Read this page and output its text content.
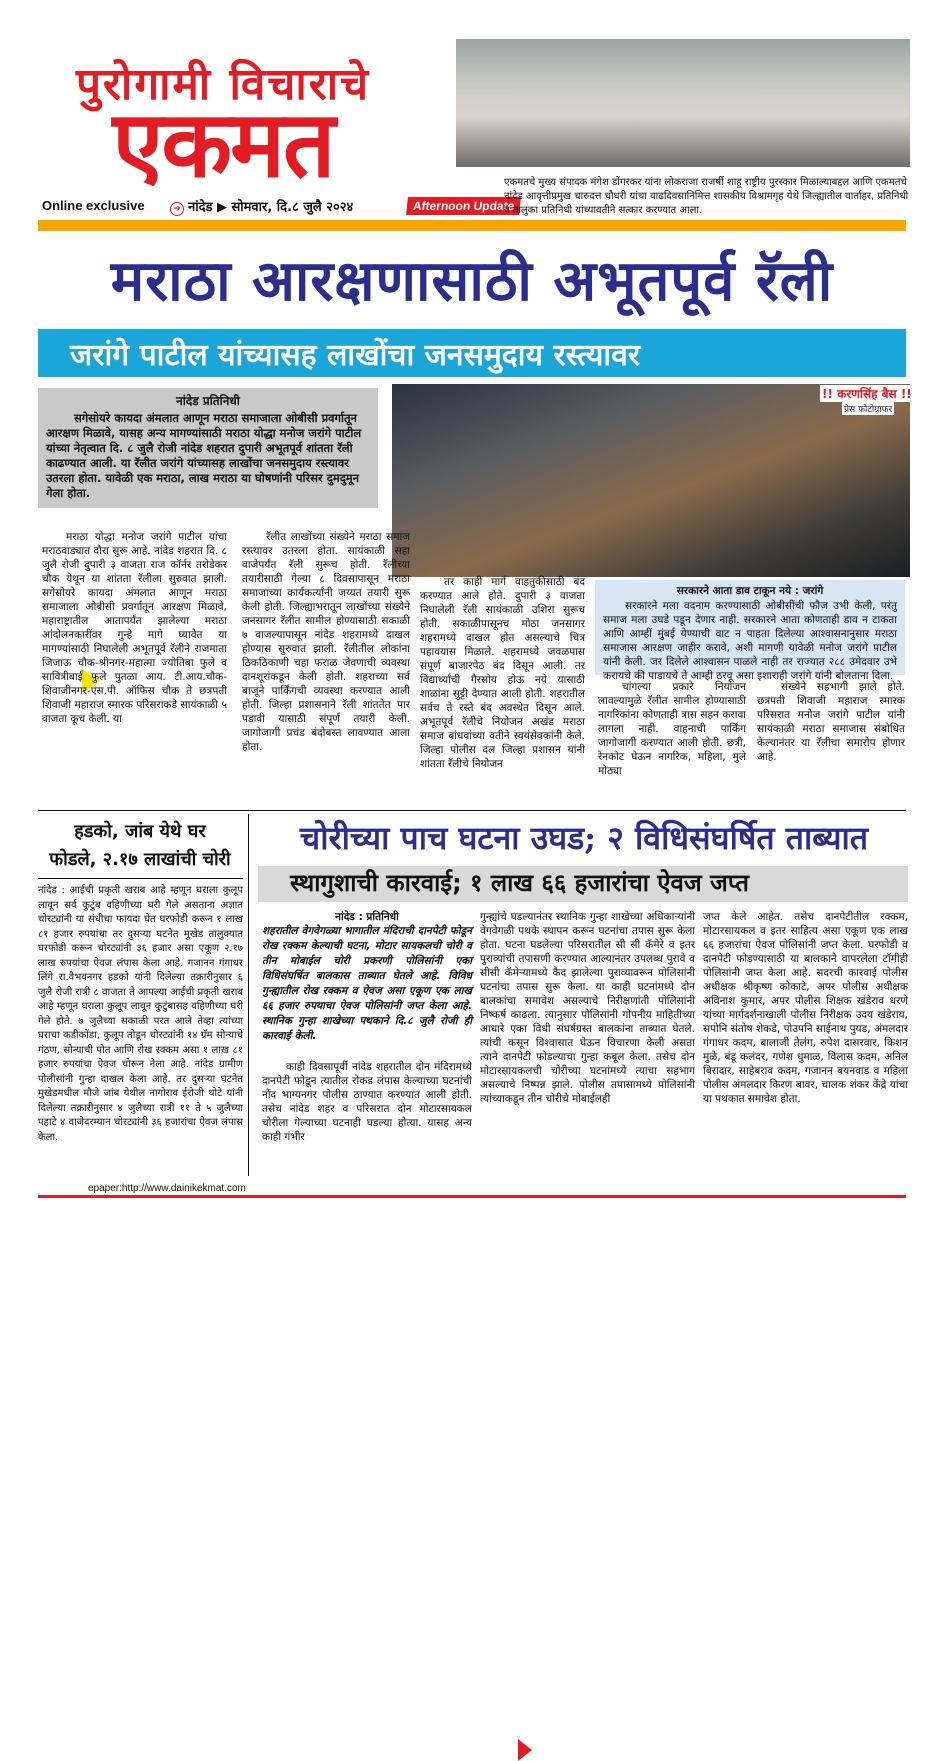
पुरोगामी विचाराचे
एकमत
Online exclusive	➔ नांदेड ▶ सोमवार, दि.८ जुलै २०२४	Afternoon Update
एकमतचे मुख्य संपादक मंगेश डोंगरकर यांना लोकराजा राजर्षी शाहू राष्ट्रीय पुरस्कार मिळाल्याबद्दल आणि एकमतचे नांदेड आवृत्तीप्रमुख चारुदत्त चौधरी यांचा वाढदिवसानिमित्त शासकीय विश्रामगृह येथे जिल्ह्यातील वार्ताहर, प्रतिनिधी व तालुका प्रतिनिधी यांच्यावतीने सत्कार करण्यात आला.
मराठा आरक्षणासाठी अभूतपूर्व रॅली
जरांगे पाटील यांच्यासह लाखोंचा जनसमुदाय रस्त्यावर
नांदेड प्रतिनिधी
सगेसोयरे कायदा अंमलात आणून मराठा समाजाला ओबीसी प्रवर्गातून आरक्षण मिळावे, यासह अन्य मागण्यांसाठी मराठा योद्धा मनोज जरांगे पाटील यांच्या नेतृत्वात दि. ८ जुलै रोजी नांदेड शहरात दुपारी अभूतपूर्व शांतता रॅली काढण्यात आली. या रॅलीत जरांगे यांच्यासह लाखोंचा जनसमुदाय रस्त्यावर उतरला होता. यावेळी एक मराठा, लाख मराठा या घोषणांनी परिसर दुमदुमून गेला होता.
!! करणसिंह बैस !!
प्रेस फोटोग्राफर

मराठा योद्धा मनोज जरांगे पाटील यांचा मराठवाड्यात दौरा सुरू आहे. नांदेड शहरात दि. ८ जुलै रोजी दुपारी ३ वाजता राज कॉर्नर तरोडेकर चौक येथून या शांतता रॅलीला सुरुवात झाली. सगेसोयरे कायदा अंमलात आणून मराठा समाजाला ओबीसी प्रवर्गातून आरक्षण मिळावे, महाराष्ट्रातील आतापर्यंत झालेल्या मराठा आंदोलनकारींवर गुन्हे मागे घ्यावेत या मागण्यांसाठी निघालेली अभूतपूर्व रॅलीने राजमाता जिजाऊ चौक-श्रीनगर-महात्मा ज्योतिबा फुले व सावित्रीबाई फुले पुतळा आय. टी.आय.चौक-शिवाजीनगर-एस.पी. ऑफिस चौक ते छत्रपती शिवाजी महाराज स्मारक परिसराकडे सायंकाळी ५ वाजता कूच केली. या

रॅलीत लाखोंच्या संख्येने मराठा समाज रस्त्यावर उतरला होता. सायंकाळी सहा वाजेपर्यंत रॅली सुरूच होती. रॅलीच्या तयारीसाठी गेल्या ८ दिवसापासून मराठा समाजाच्या कार्यकर्त्यांनी जय्यत तयारी सुरू केली होती. जिल्ह्याभरातून लाखोंच्या संख्येने जनसागर रॅलीत सामील होण्यासाठी सकाळी ७ वाजल्यापासून नांदेड शहरामध्ये दाखल होण्यास सुरुवात झाली. रॅलीतील लोकांना ठिकठिकाणी चहा फराळ जेवणाची व्यवस्था दानशूरांकडून केली होती. शहराच्या सर्व बाजूने पार्किंगची व्यवस्था करण्यात आली होती. जिल्हा प्रशासनाने रॅली शांततेत पार पडावी यासाठी संपूर्ण तयारी केली. जागोजागी प्रचंड बंदोबस्त लावण्यात आला होता.

तर काही मार्ग वाहतुकीसाठी बंद करण्यात आले होते. दुपारी ३ वाजता निघालेली रॅली सायंकाळी उशिरा सुरूच होती. सकाळीपासूनच मोठा जनसागर शहरामध्ये दाखल होत असल्याचे चित्र पहावयास मिळाले. शहरामध्ये जवळपास संपूर्ण बाजारपेठ बंद दिसून आली. तर विद्यार्थ्यांची गैरसोय होऊ नये यासाठी शाळांना सुट्टी देण्यात आली होती. शहरातील सर्वच ते रस्ते बंद अवस्थेत दिसून आले. अभूतपूर्व रॅलीचे नियोजन अखंड मराठा समाज बांधवांच्या वतीने स्वयंसेवकांनी केले. जिल्हा पोलीस दल जिल्हा प्रशासन यांनी शांतता रॅलीचे नियोजन

चांगल्या प्रकारे नियोजन लावल्यामुळे रॅलीत सामील होण्यासाठी नागरिकांना कोणताही त्रास सहन करावा लागला नाही. वाहनाची पार्किंग जागोजागी करण्यात आली होती. छत्री, रेनकोट घेऊन नागरिक, महिला, मुले मोठ्या

संख्येने सहभागी झाले होते. छत्रपती शिवाजी महाराज स्मारक परिसरात मनोज जरांगे पाटील यांनी सायंकाळी मराठा समाजास संबोधित केल्यानंतर या रॅलीचा समारोप होणार आहे.

सरकारने आता डाव टाकून नये : जरांगे
सरकारने मला वदनाम करण्यासाठी ओबीसींची फौज उभी केली, परंतु समाज मला उघडे पडून देणार नाही. सरकारने आता कोणताही डाव न टाकता आणि आम्हीं मुंबई येण्याची वाट न पाहता दिलेल्या आश्वासनानुसार मराठा समाजास आरक्षण जाहीर करावे, अशी मागणी यावेळी मनोज जरांगे पाटील यांनी केली. जर दिलेले आश्वासन पाळले नाही तर राज्यात २८८ उमेदवार उभे करायचे की पाडायचे ते आम्ही ठरवू असा इशाराही जरांगे यांनी बोलताना दिला.
हडको, जांब येथे घर
फोडले, २.१७ लाखांची चोरी

नांदेड : आईची प्रकृती खराब आहे म्हणून घराला कुलूप लावून सर्व कुटुंब वहिणीच्या घरी गेले असताना अज्ञात चोरट्यांनी या संधीचा फायदा घेत घरफोडी करून १ लाख ८१ हजार रुपयांचा तर दुसऱ्या घटनेत मुखेड तालुक्यात घरफोडी करून चोरट्यांनी ३६ हजार असा एकूण २.१७ लाख रुपयांचा ऐवज लंपास केला आहे. गजानन गंगाधर लिंगे रा.वैभवनगर हडको यांनी दिलेल्या तक्रारीनुसार ६ जुलै रोजी रात्री ८ वाजता ते आपल्या आईची प्रकृती खराब आहे म्हणून घराला कुलूप लावून कुटुंबासह वहिणीच्या घरी गेले होते. ७ जुलैच्या सकाळी परत आले तेव्हा त्यांच्या घराचा कडीकोंडा, कुलूप तोडून चोरट्यांनी १४ ग्रॅम सोन्याचे गंठण, सोन्याची पोत आणि रोख रक्कम असा १ लाख ८१ हजार रुपयांचा ऐवज चोरून नेला आहे. नांदेड ग्रामीण पोलीसांनी गुन्हा दाखल केला आहे. तर दुसऱ्या घटनेत मुखेडमधील मौजे जांब येथील नागोराव ईरोजी थोटे यांनी दिलेल्या तक्रारीनुसार ४ जुलैच्या रात्री ११ ते ५ जुलैच्या पहाटे ४ वाजेदरम्यान चोरट्यांनी ३६ हजारांचा ऐवज लंपास केला.

चोरीच्या पाच घटना उघड; २ विधिसंघर्षित ताब्यात
स्थागुशाची कारवाई; १ लाख ६६ हजारांचा ऐवज जप्त
नांदेड : प्रतिनिधी
शहरातील वेगवेगळ्या भागातील मंदिराची दानपेटी फोडून रोख रक्कम केल्याची घटना, मोटार सायकलची चोरी व तीन मोबाईल चोरी प्रकरणी पोलिसांनी एका विधिसंघर्षित बालकास ताब्यात घेतले आहे. विविध गुन्ह्यातील रोख रक्कम व ऐवज असा एकूण एक लाख ६६ हजार रुपयाचा ऐवज पोलिसांनी जप्त केला आहे. स्थानिक गुन्हा शाखेच्या पथकाने दि.८ जुलै रोजी ही कारवाई केली.

काही दिवसापूर्वी नांदेड शहरातील दोन मंदिरामध्ये दानपेटी फोडून त्यातील रोकड लंपास केल्याच्या घटनांची नोंद भाग्यनगर पोलीस ठाण्यात करण्यात आली होती. तसेच नांदेड शहर व परिसरात दोन मोटारसायकल चोरीला गेल्याच्या घटनाही घडल्या होत्या. यासह अन्य काही गंभीर

गुन्ह्यांचे घडल्यानंतर स्थानिक गुन्हा शाखेच्या अधिकाऱ्यांनी वेगवेगळी पथके स्थापन करून घटनांचा तपास सुरू केला होता. घटना घडलेल्या परिसरातील सी सी कॅमेरे व इतर पुराव्यांची तपासणी करण्यात आल्यानंतर उपलब्ध पुरावे व सीसी कॅमेऱ्यामध्ये कैद झालेल्या पुराव्यावरून पोलिसांनी घटनांचा तपास सुरू केला. या काही घटनांमध्ये दोन बालकांचा समावेश असल्याचे निरीक्षणांती पोलिसांनी निष्कर्ष काढला. त्यानुसार पोलिसांनी गोपनीय माहितीच्या आधारे एका विधी संघर्षग्रस्त बालकांना ताब्यात घेतले. त्यांची कसून विश्वासात घेऊन विचारणा केली असता त्याने दानपेटी फोडल्याचा गुन्हा कबूल केला. तसेच दोन मोटारसायकलची चोरीच्या घटनांमध्ये त्याचा सहभाग असल्याचे निष्पन्न झाले. पोलीस तपासामध्ये पोलिसांनी त्यांच्याकडून तीन चोरीचे मोबाईलही

जप्त केले आहेत. तसेच दानपेटीतील रक्कम, मोटारसायकल व इतर साहित्य असा एकूण एक लाख ६६ हजारांचा ऐवज पोलिसांनी जप्त केला. घरफोडी व दानपेटी फोडण्यासाठी या बालकाने वापरलेला टॉमीही पोलिसांनी जप्त केला आहे. सदरची कारवाई पोलीस अधीक्षक श्रीकृष्ण कोकाटे, अपर पोलीस अधीक्षक अविनाश कुमार, अपर पोलीस शिक्षक खंडेराव धरणे यांच्या मार्गदर्शनाखाली पोलीस निरीक्षक उदय खंडेराय, सपोनि संतोष शेकडे, पोउपनि साईनाथ पुयड, अंमलदार गंगाधर कदम, बालाजी तेलंग, रुपेश दासरवार, किशन मुळे, बंडू कलंदर, गणेश धुमाळ, विलास कदम, अनिल बिरादार, साहेबराव कदम, गजानन बयनवाड व महिला पोलीस अंमलदार किरण बावर, चालक शंकर केंद्रे यांचा या पथकात समावेश होता.

epaper:http://www.dainikekmat.com
